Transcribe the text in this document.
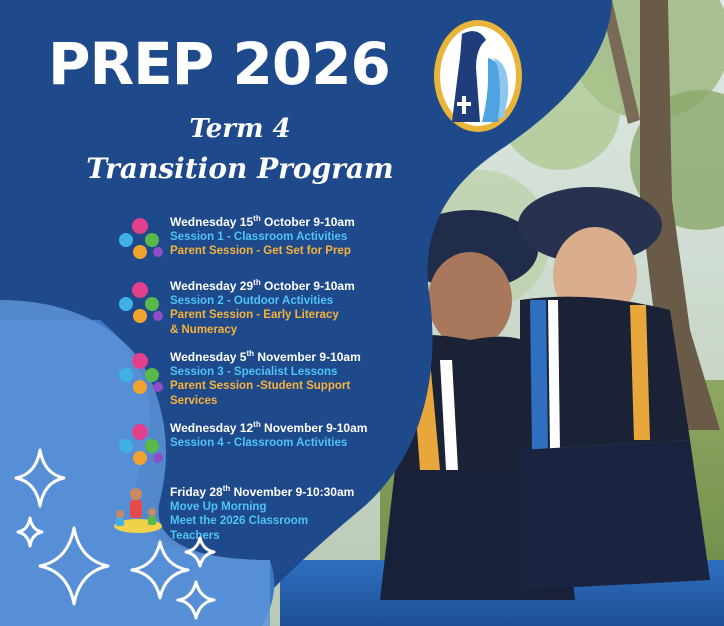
PREP 2026
Term 4
Transition Program
Wednesday 15th October 9-10am
Session 1 - Classroom Activities
Parent Session - Get Set for Prep
Wednesday 29th October 9-10am
Session 2 - Outdoor Activities
Parent Session - Early Literacy
& Numeracy
Wednesday 5th November 9-10am
Session 3 - Specialist Lessons
Parent Session -Student Support
Services
Wednesday 12th November 9-10am
Session 4 - Classroom Activities
Friday 28th November 9-10:30am
Move Up Morning
Meet the 2026 Classroom
Teachers
